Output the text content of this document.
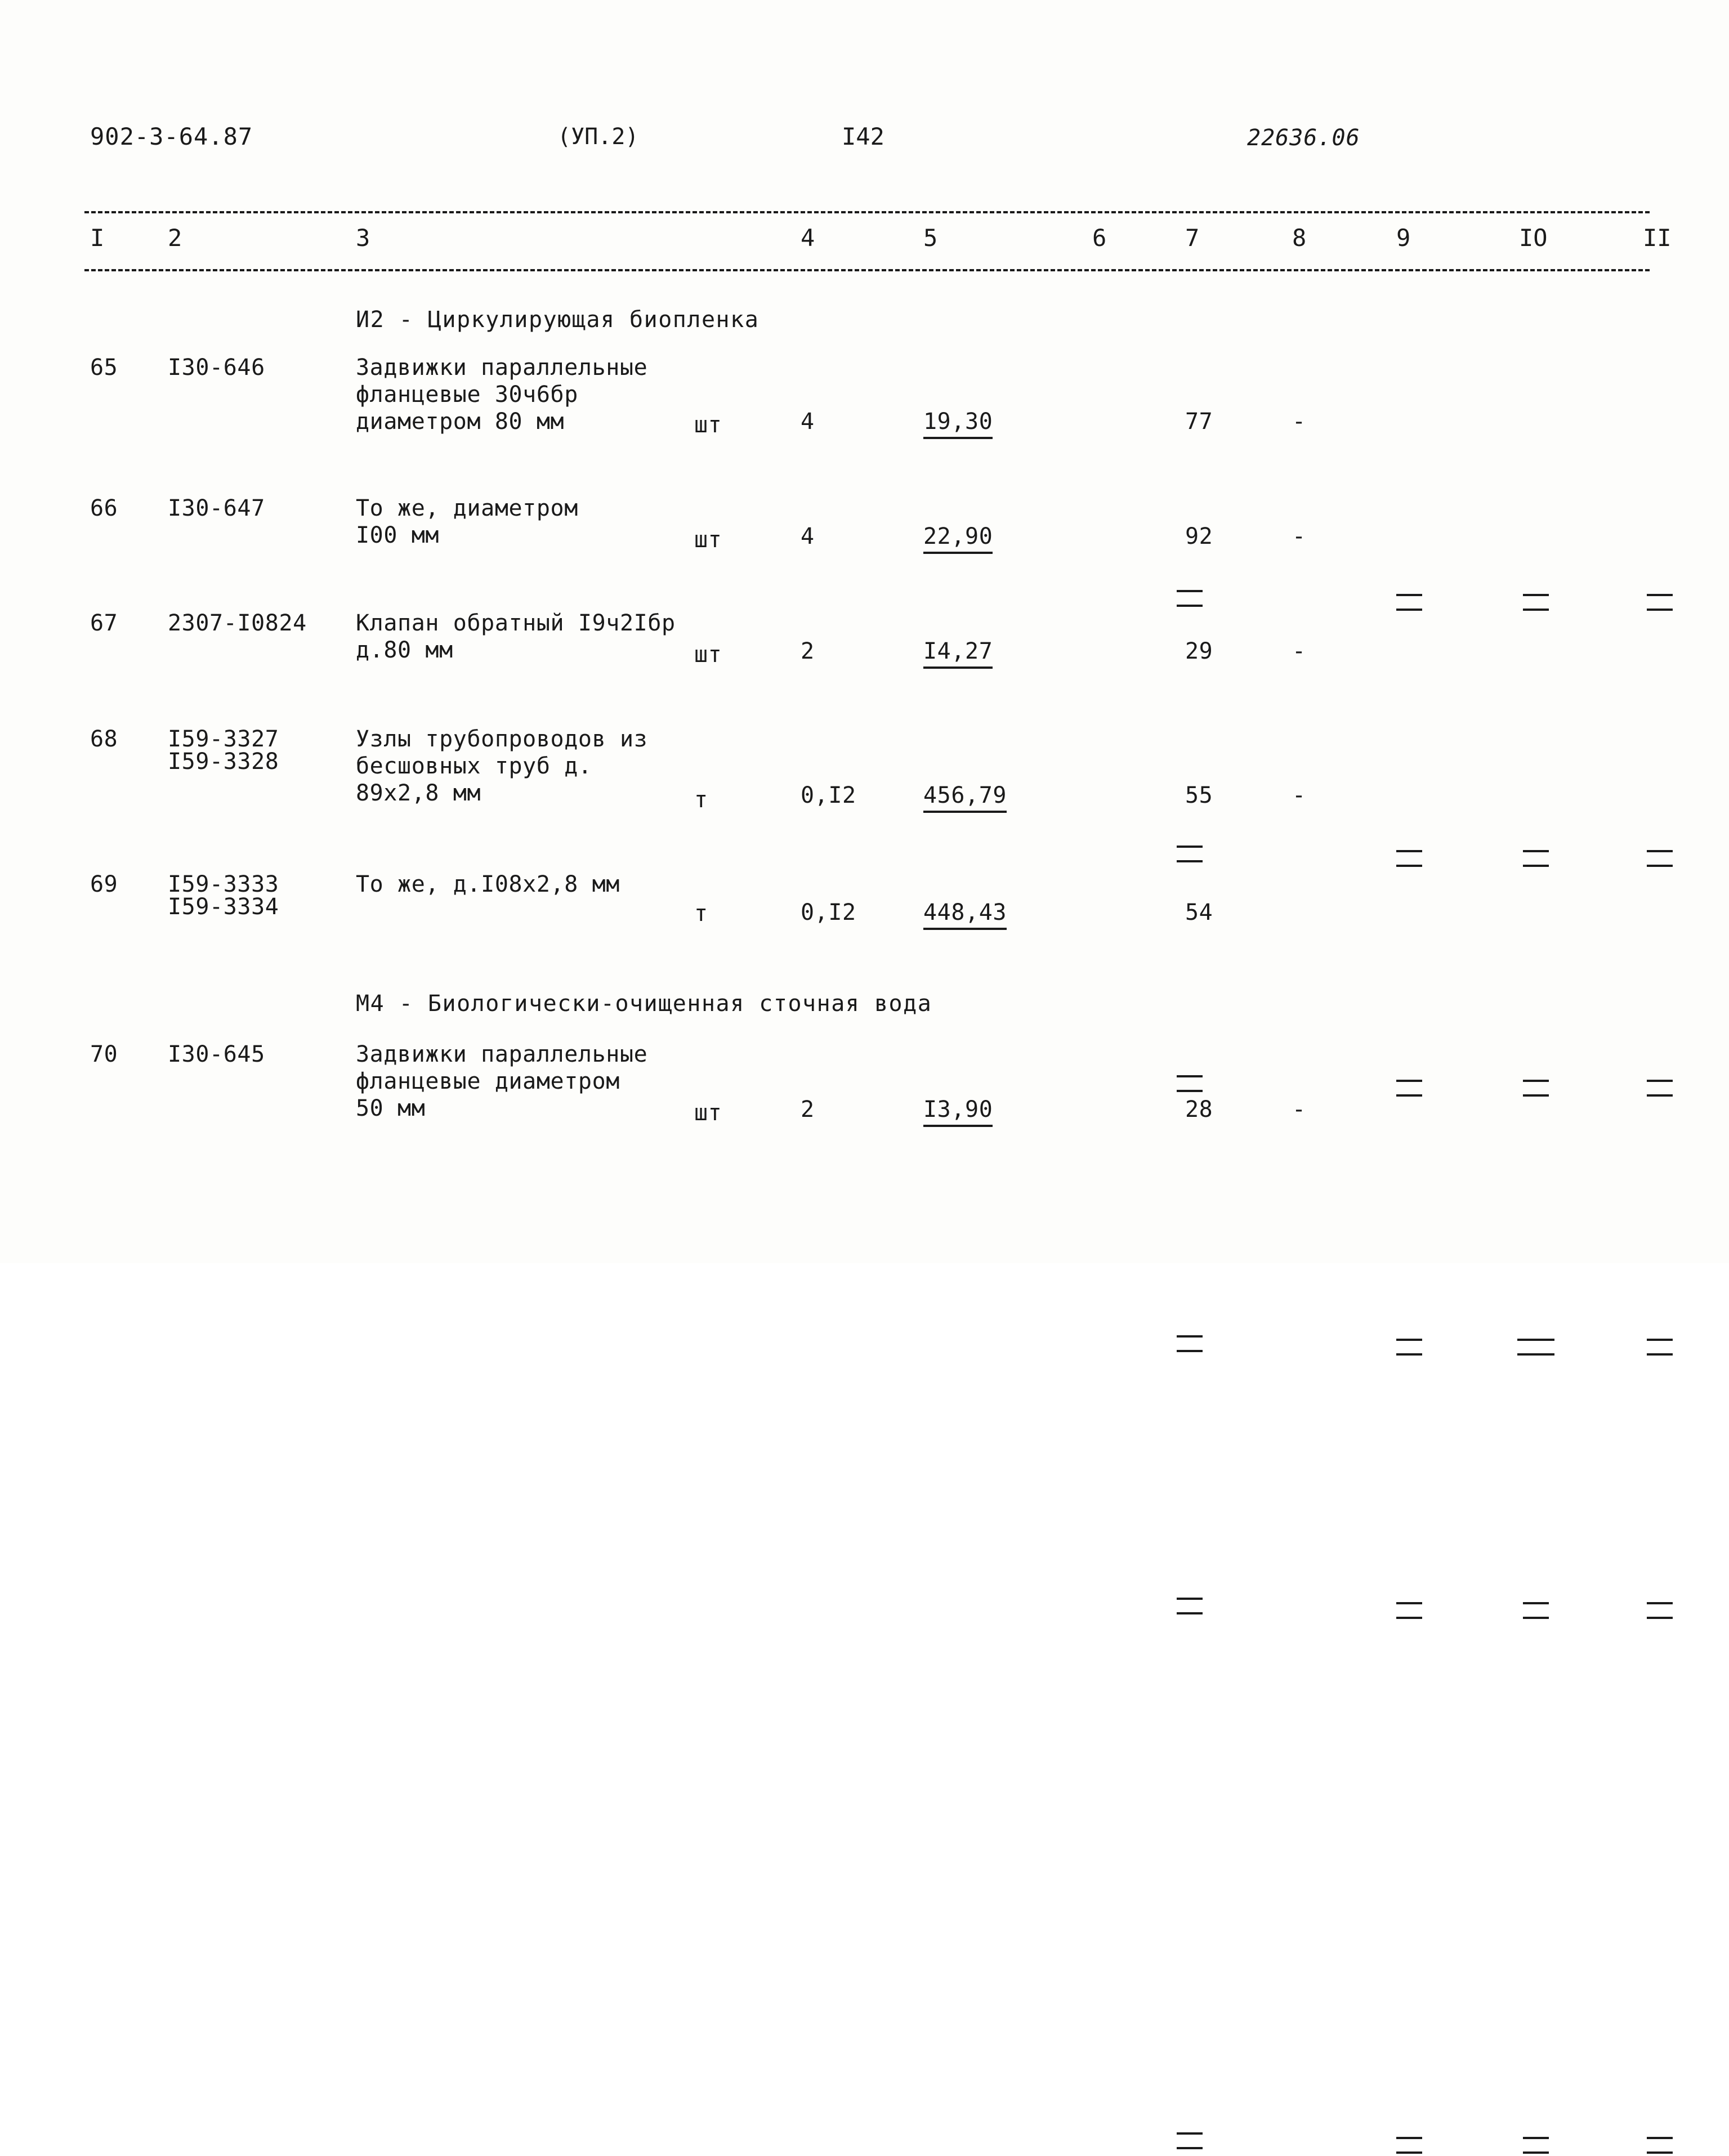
902-3-64.87	(УП.2)	I42	22636.06
I	2	3	4	5	6	7	8	9	IO	II
И2 - Циркулирующая биопленка
65 I30-646	Задвижки параллельные
фланцевые 30ч6бр
диаметром 80 мм	шт	4	19,30	77	-
66 I30-647	То же, диаметром
I00 мм	шт	4	22,90	92	-
67 2307-I0824 Клапан обратный I9ч2Iбр
д.80 мм	шт	2	I4,27	29	-
68 I59-3327
I59-3328
Узлы трубопроводов из
бесшовных труб д.
89х2,8 мм	т	0,I2	456,79	55	-
69 I59-3333
I59-3334
То же, д.I08х2,8 мм
т	0,I2	448,43	54
М4 - Биологически-очищенная сточная вода
70 I30-645	Задвижки параллельные
фланцевые диаметром
50 мм	шт	2	I3,90	28	-
